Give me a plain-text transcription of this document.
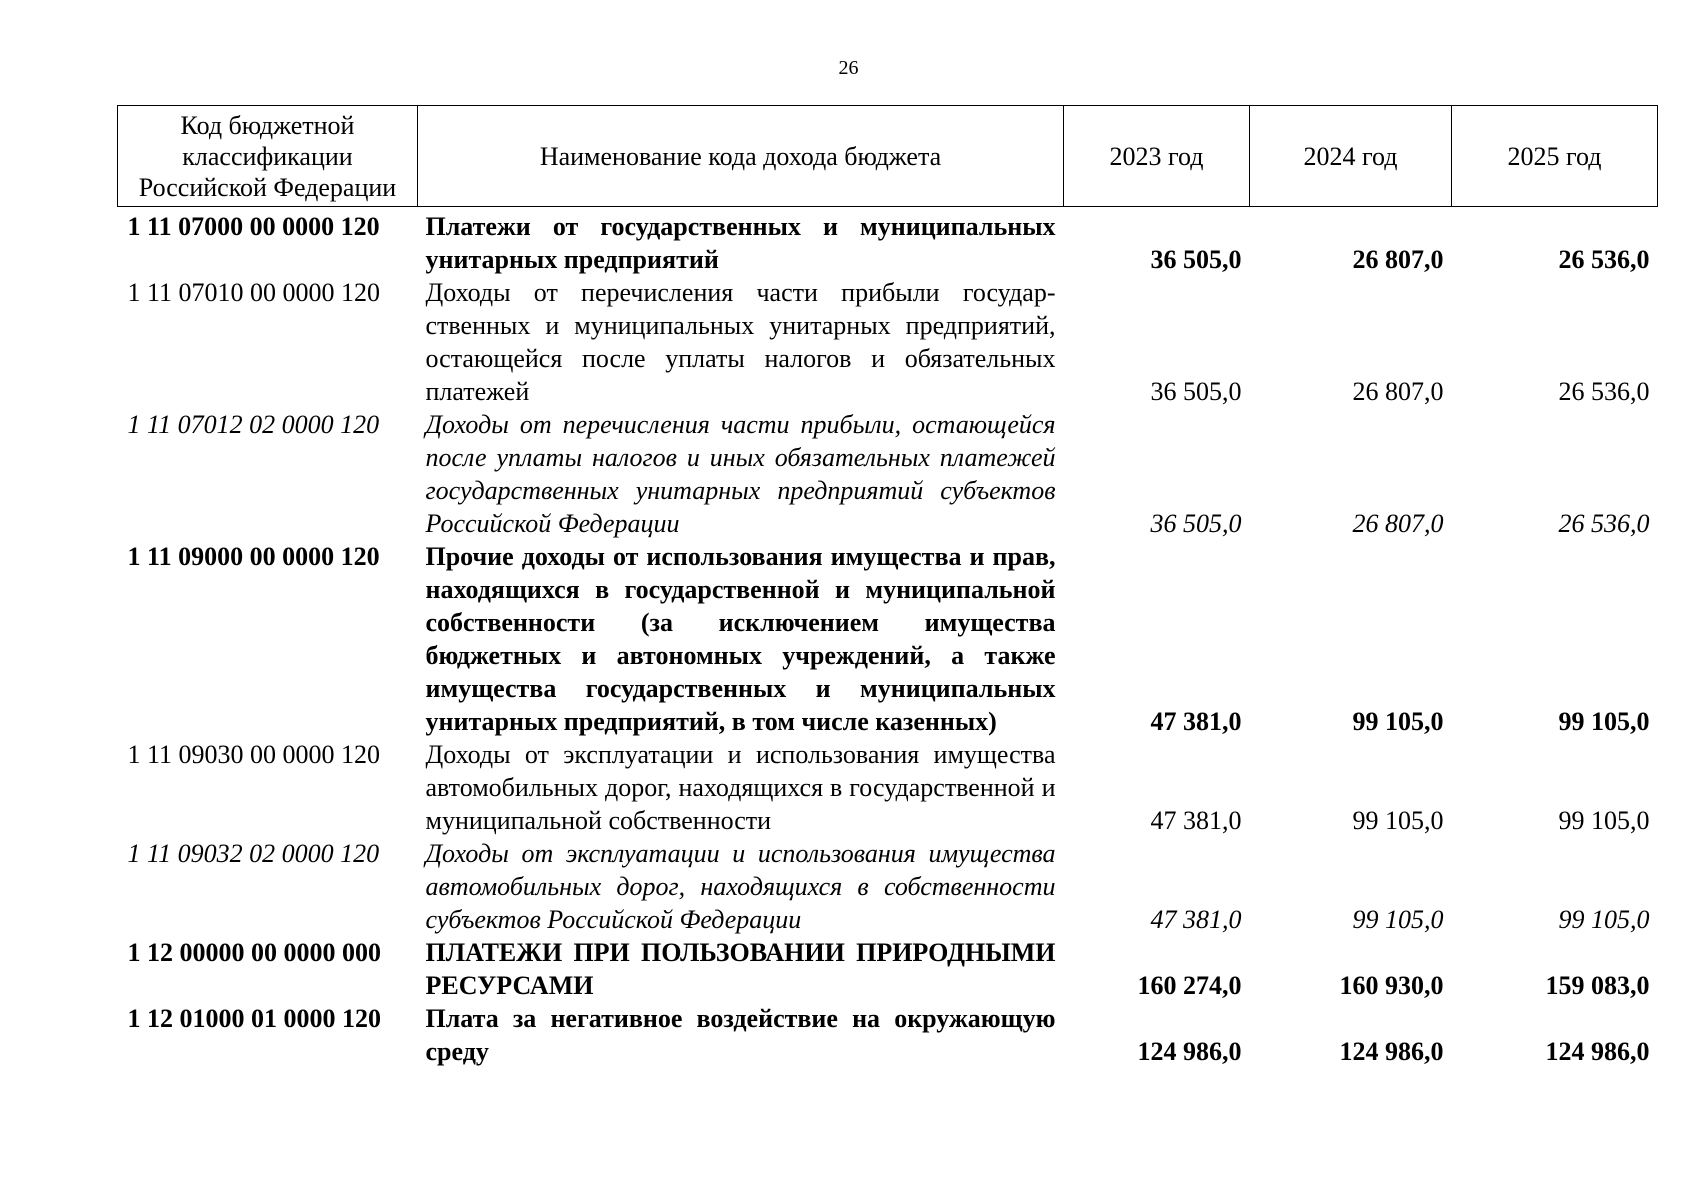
26
Код бюджетной классификации Российской Федерации	Наименование кода дохода бюджета	2023 год	2024 год	2025 год
1 11 07000 00 0000 120	Платежи от государственных и муниципальных унитарных предприятий	36 505,0	26 807,0	26 536,0
1 11 07010 00 0000 120	Доходы от перечисления части прибыли государственных и муниципальных унитарных предприятий, остающейся после уплаты налогов и обязательных платежей	36 505,0	26 807,0	26 536,0
1 11 07012 02 0000 120	Доходы от перечисления части прибыли, остающейся после уплаты налогов и иных обязательных платежей государственных унитарных предприятий субъектов Российской Федерации	36 505,0	26 807,0	26 536,0
1 11 09000 00 0000 120	Прочие доходы от использования имущества и прав, находящихся в государственной и муниципальной собственности (за исключением имущества бюджетных и автономных учреждений, а также имущества государственных и муниципальных унитарных предприятий, в том числе казенных)	47 381,0	99 105,0	99 105,0
1 11 09030 00 0000 120	Доходы от эксплуатации и использования имущества автомобильных дорог, находящихся в государственной и муниципальной собственности	47 381,0	99 105,0	99 105,0
1 11 09032 02 0000 120	Доходы от эксплуатации и использования имущества автомобильных дорог, находящихся в собственности субъектов Российской Федерации	47 381,0	99 105,0	99 105,0
1 12 00000 00 0000 000	ПЛАТЕЖИ ПРИ ПОЛЬЗОВАНИИ ПРИРОДНЫМИ РЕСУРСАМИ	160 274,0	160 930,0	159 083,0
1 12 01000 01 0000 120	Плата за негативное воздействие на окружающую среду	124 986,0	124 986,0	124 986,0
